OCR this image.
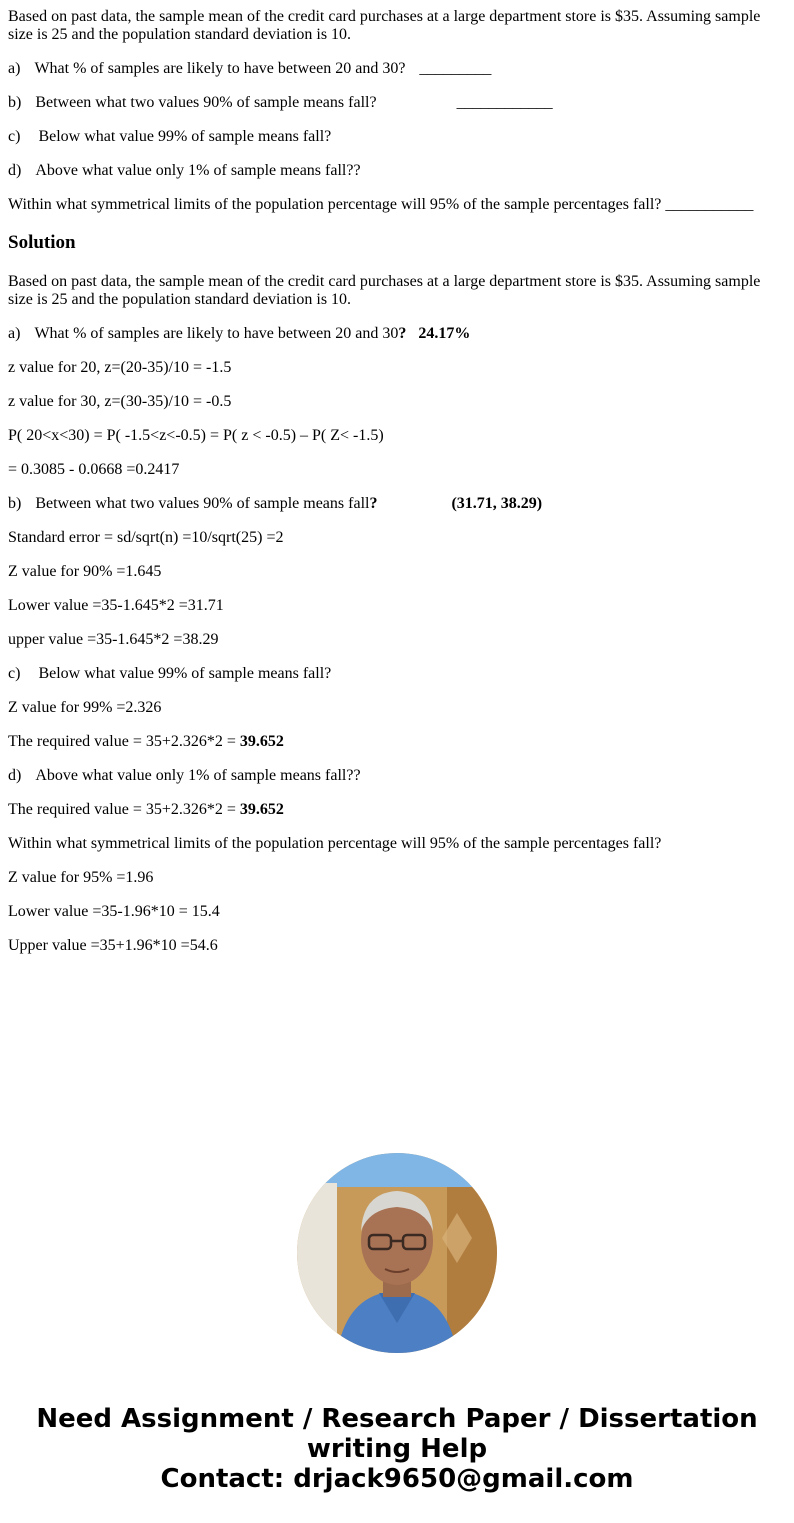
Based on past data, the sample mean of the credit card purchases at a large department store is $35. Assuming sample size is 25 and the population standard deviation is 10.
a) What % of samples are likely to have between 20 and 30? _________
b) Between what two values 90% of sample means fall?	____________
c) Below what value 99% of sample means fall?
d) Above what value only 1% of sample means fall??
Within what symmetrical limits of the population percentage will 95% of the sample percentages fall? ___________
Solution
Based on past data, the sample mean of the credit card purchases at a large department store is $35. Assuming sample size is 25 and the population standard deviation is 10.
a) What % of samples are likely to have between 20 and 30? 24.17%
z value for 20, z=(20-35)/10 = -1.5
z value for 30, z=(30-35)/10 = -0.5
P( 20<x<30) = P( -1.5<z<-0.5) = P( z < -0.5) – P( Z< -1.5)
= 0.3085 - 0.0668 =0.2417
b) Between what two values 90% of sample means fall?	(31.71, 38.29)
Standard error = sd/sqrt(n) =10/sqrt(25) =2
Z value for 90% =1.645
Lower value =35-1.645*2 =31.71
upper value =35-1.645*2 =38.29
c) Below what value 99% of sample means fall?
Z value for 99% =2.326
The required value = 35+2.326*2 = 39.652
d) Above what value only 1% of sample means fall??
The required value = 35+2.326*2 = 39.652
Within what symmetrical limits of the population percentage will 95% of the sample percentages fall?
Z value for 95% =1.96
Lower value =35-1.96*10 = 15.4
Upper value =35+1.96*10 =54.6
Need Assignment / Research Paper / Dissertation
writing Help
Contact: drjack9650@gmail.com
